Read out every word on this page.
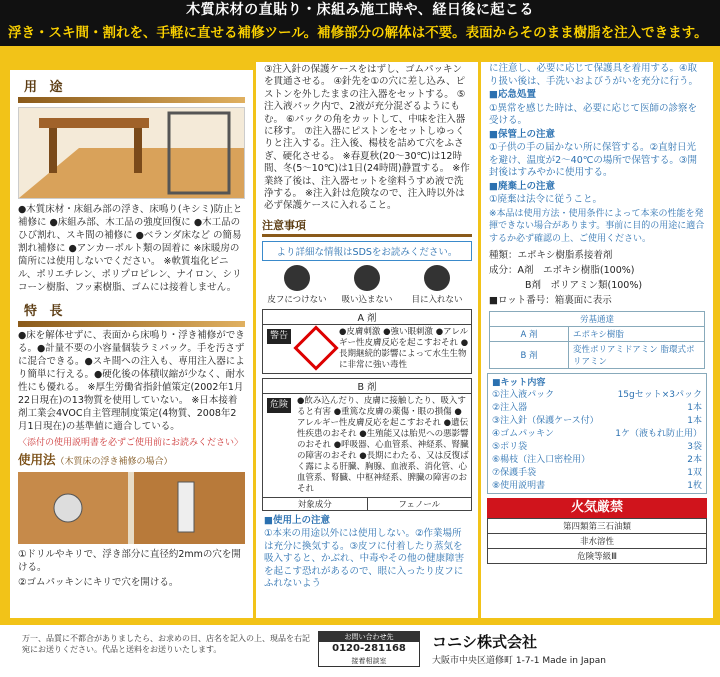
木質床材の直貼り・床組み施工時や、経日後に起こる
浮き・スキ間・割れを、手軽に直せる補修ツール。補修部分の解体は不要。表面からそのまま樹脂を注入できます。
用 途
●木質床材・床組み部の浮き、床鳴り(キシミ)防止と補修に ●床組み部、木工品の強度回復に ●木工品のひび割れ、スキ間の補修に ●ベランダ床など の簡易割れ補修に ●アンカーボルト類の固着に ※床暖房の箇所には使用しないでください。 ※軟質塩化ビニル、ポリエチレン、ポリプロピレン、ナイロン、シリコーン樹脂、フッ素樹脂、ゴムには接着しません。
特 長
●床を解体せずに、表面から床鳴り・浮き補修ができる。●計量不要の小容量個装ラミパック。手を汚さずに混合できる。●スキ間への注入も、専用注入器により簡単に行える。●硬化後の体積収縮が少なく、耐水性にも優れる。 ※厚生労働省指針値策定(2002年1月22日現在)の13物質を使用していない。 ※日本接着剤工業会4VOC自主管理制度策定(4物質、2008年2月1日現在)の基準値に適合している。
〈添付の使用説明書を必ずご使用前にお読みください〉
使用法（木質床の浮き補修の場合）
①ドリルやキリで、浮き部分に直径約2mmの穴を開ける。
②ゴムパッキンにキリで穴を開ける。
③注入針の保護ケースをはずし、ゴムパッキンを貫通させる。 ④針先を①の穴に差し込み、ピストンを外したままの注入器をセットする。 ⑤注入液パック内で、2液が充分混ざるようにもむ。 ⑥パックの角をカットして、中味を注入器に移す。 ⑦注入器にピストンをセットしゆっくりと注入する。注入後、楊枝を詰めて穴をふさぎ、硬化させる。 ※春夏秋(20〜30℃)は12時間、冬(5〜10℃)は1日(24時間)静置する。 ※作業終了後は、注入器セットを塗料うすめ液で洗浄する。 ※注入針は危険なので、注入時以外は必ず保護ケースに入れること。
注意事項
より詳細な情報はSDSをお読みください。
皮フにつけない	吸い込まない	目に入れない
A 剤
警告	●皮膚刺激 ●強い眼刺激 ●アレルギー性皮膚反応を起こすおそれ ●長期継続的影響によって水生生物に非常に強い毒性
B 剤
危険	●飲み込んだり、皮膚に接触したり、吸入すると有害 ●重篤な皮膚の薬傷・眼の損傷 ●アレルギー性皮膚反応を起こすおそれ ●遺伝性疾患のおそれ ●生殖能又は胎児への悪影響のおそれ ●呼吸器、心血管系、神経系、腎臓の障害のおそれ ●長期にわたる、又は反復ばく露による肝臓、胸腺、血液系、消化管、心血管系、腎臓、中枢神経系、脾臓の障害のおそれ
対象成分	フェノール
■使用上の注意
①本来の用途以外には使用しない。②作業場所は充分に換気する。③皮フに付着したり蒸気を吸入すると、かぶれ、中毒やその他の健康障害を起こす恐れがあるので、眼に入ったり皮フにふれないよう
に注意し、必要に応じて保護具を着用する。④取り扱い後は、手洗いおよびうがいを充分に行う。
■応急処置
①異常を感じた時は、必要に応じて医師の診察を受ける。
■保管上の注意
①子供の手の届かない所に保管する。②直射日光を避け、温度が2〜40℃の場所で保管する。③開封後はすみやかに使用する。
■廃棄上の注意
①廃棄は法令に従うこと。
※本品は使用方法・使用条件によって本来の性能を発揮できない場合があります。事前に目的の用途に適合するか必ず確認の上、ご使用ください。
種類：エポキシ樹脂系接着剤
成分：A剤　エポキシ樹脂(100%)
B剤　ポリアミン類(100%)
■ロット番号：箱裏面に表示
労基通達	
A 剤	エポキシ樹脂
B 剤	変性ポリアミドアミン 脂環式ポリアミン
■キット内容
①注入液パック	15gセット×3パック
②注入器	1本
③注入針（保護ケース付）	1本
④ゴムパッキン	1ケ（液もれ防止用）
⑤ポリ袋	3袋
⑥楊枝（注入口密栓用）	2本
⑦保護手袋	1双
⑧使用説明書	1枚
火気厳禁
第四類第三石油類
非水溶性
危険等級Ⅲ
万一、品質に不都合がありましたら、お求めの日、店名を記入の上、現品を右記宛にお送りください。代品と送料をお送りいたします。
お問い合わせ先
0120-281168
接着相談室
コニシ株式会社
大阪市中央区道修町 1-7-1 Made in Japan
